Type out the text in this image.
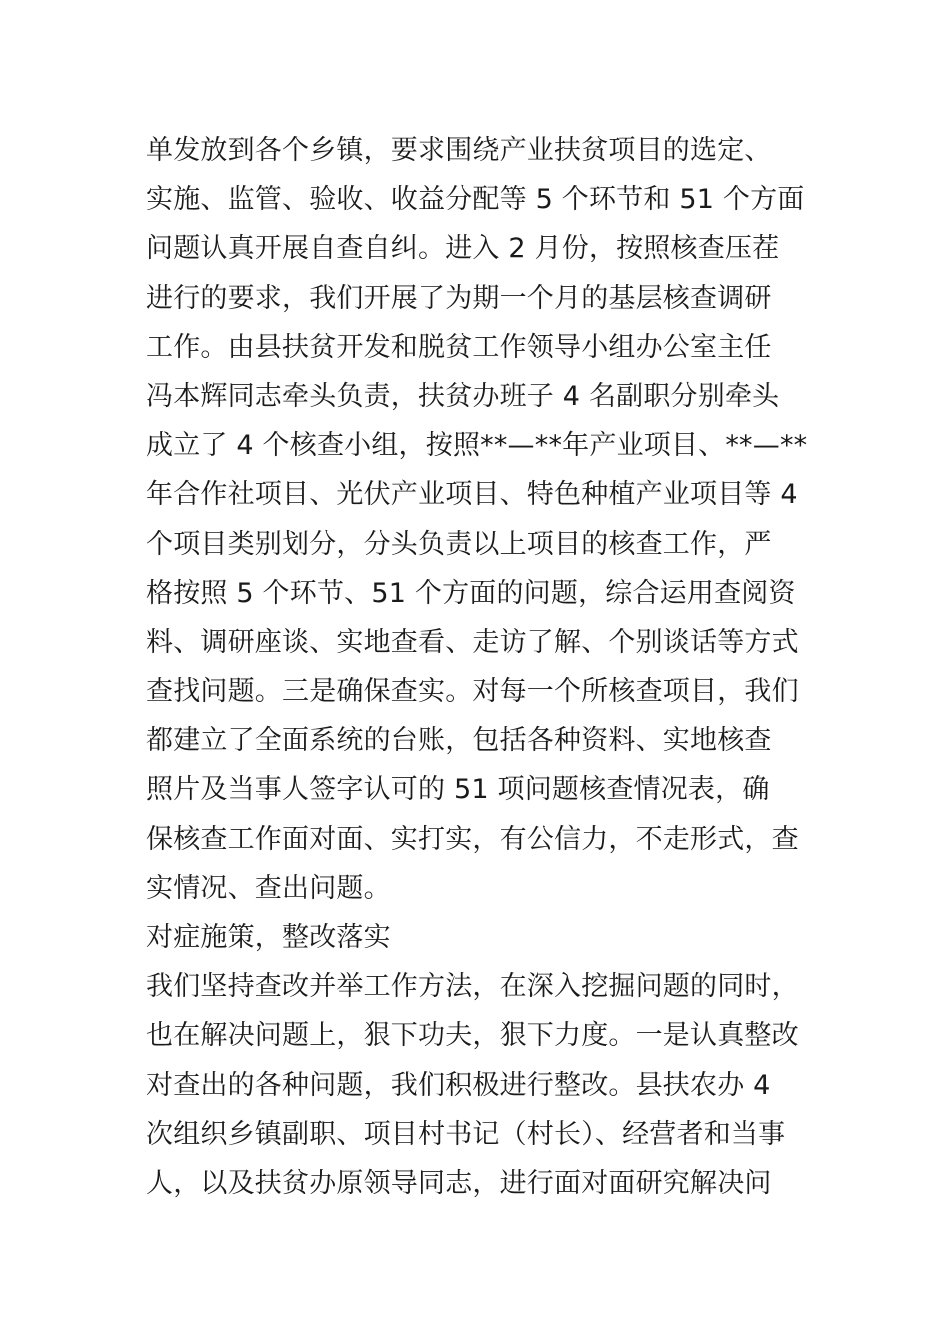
单发放到各个乡镇，要求围绕产业扶贫项目的选定、
实施、监管、验收、收益分配等 5 个环节和 51 个方面
问题认真开展自查自纠。进入 2 月份，按照核查压茬
进行的要求，我们开展了为期一个月的基层核查调研
工作。由县扶贫开发和脱贫工作领导小组办公室主任
冯本辉同志牵头负责，扶贫办班子 4 名副职分别牵头
成立了 4 个核查小组，按照**—**年产业项目、**—**
年合作社项目、光伏产业项目、特色种植产业项目等 4
个项目类别划分，分头负责以上项目的核查工作，严
格按照 5 个环节、51 个方面的问题，综合运用查阅资
料、调研座谈、实地查看、走访了解、个别谈话等方式
查找问题。三是确保查实。对每一个所核查项目，我们
都建立了全面系统的台账，包括各种资料、实地核查
照片及当事人签字认可的 51 项问题核查情况表，确
保核查工作面对面、实打实，有公信力，不走形式，查
实情况、查出问题。
对症施策，整改落实
我们坚持查改并举工作方法，在深入挖掘问题的同时，
也在解决问题上，狠下功夫，狠下力度。一是认真整改
对查出的各种问题，我们积极进行整改。县扶农办 4
次组织乡镇副职、项目村书记（村长）、经营者和当事
人，以及扶贫办原领导同志，进行面对面研究解决问
